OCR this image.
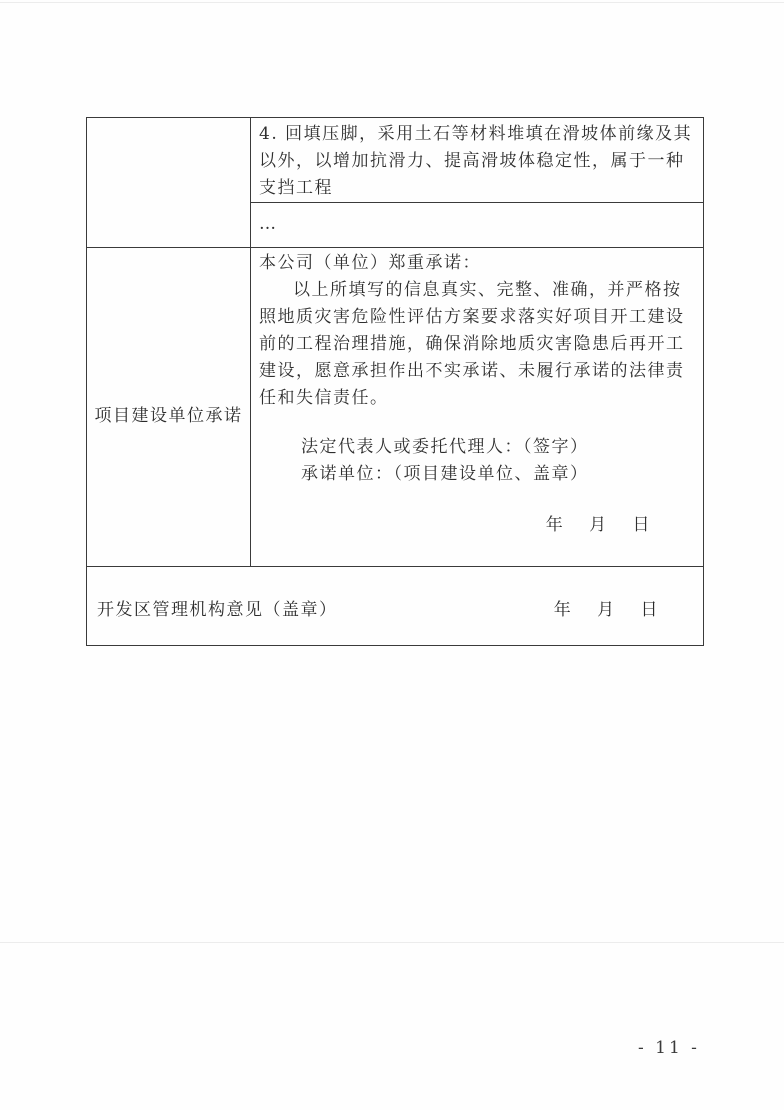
	4. 回填压脚，采用土石等材料堆填在滑坡体前缘及其以外，以增加抗滑力、提高滑坡体稳定性，属于一种支挡工程

	…

项目建设单位承诺	本公司（单位）郑重承诺：
以上所填写的信息真实、完整、准确，并严格按照地质灾害危险性评估方案要求落实好项目开工建设前的工程治理措施，确保消除地质灾害隐患后再开工建设，愿意承担作出不实承诺、未履行承诺的法律责任和失信责任。
法定代表人或委托代理人：（签字）
承诺单位：（项目建设单位、盖章）
年 月 日

开发区管理机构意见（盖章） 年 月 日	
- 11 -
